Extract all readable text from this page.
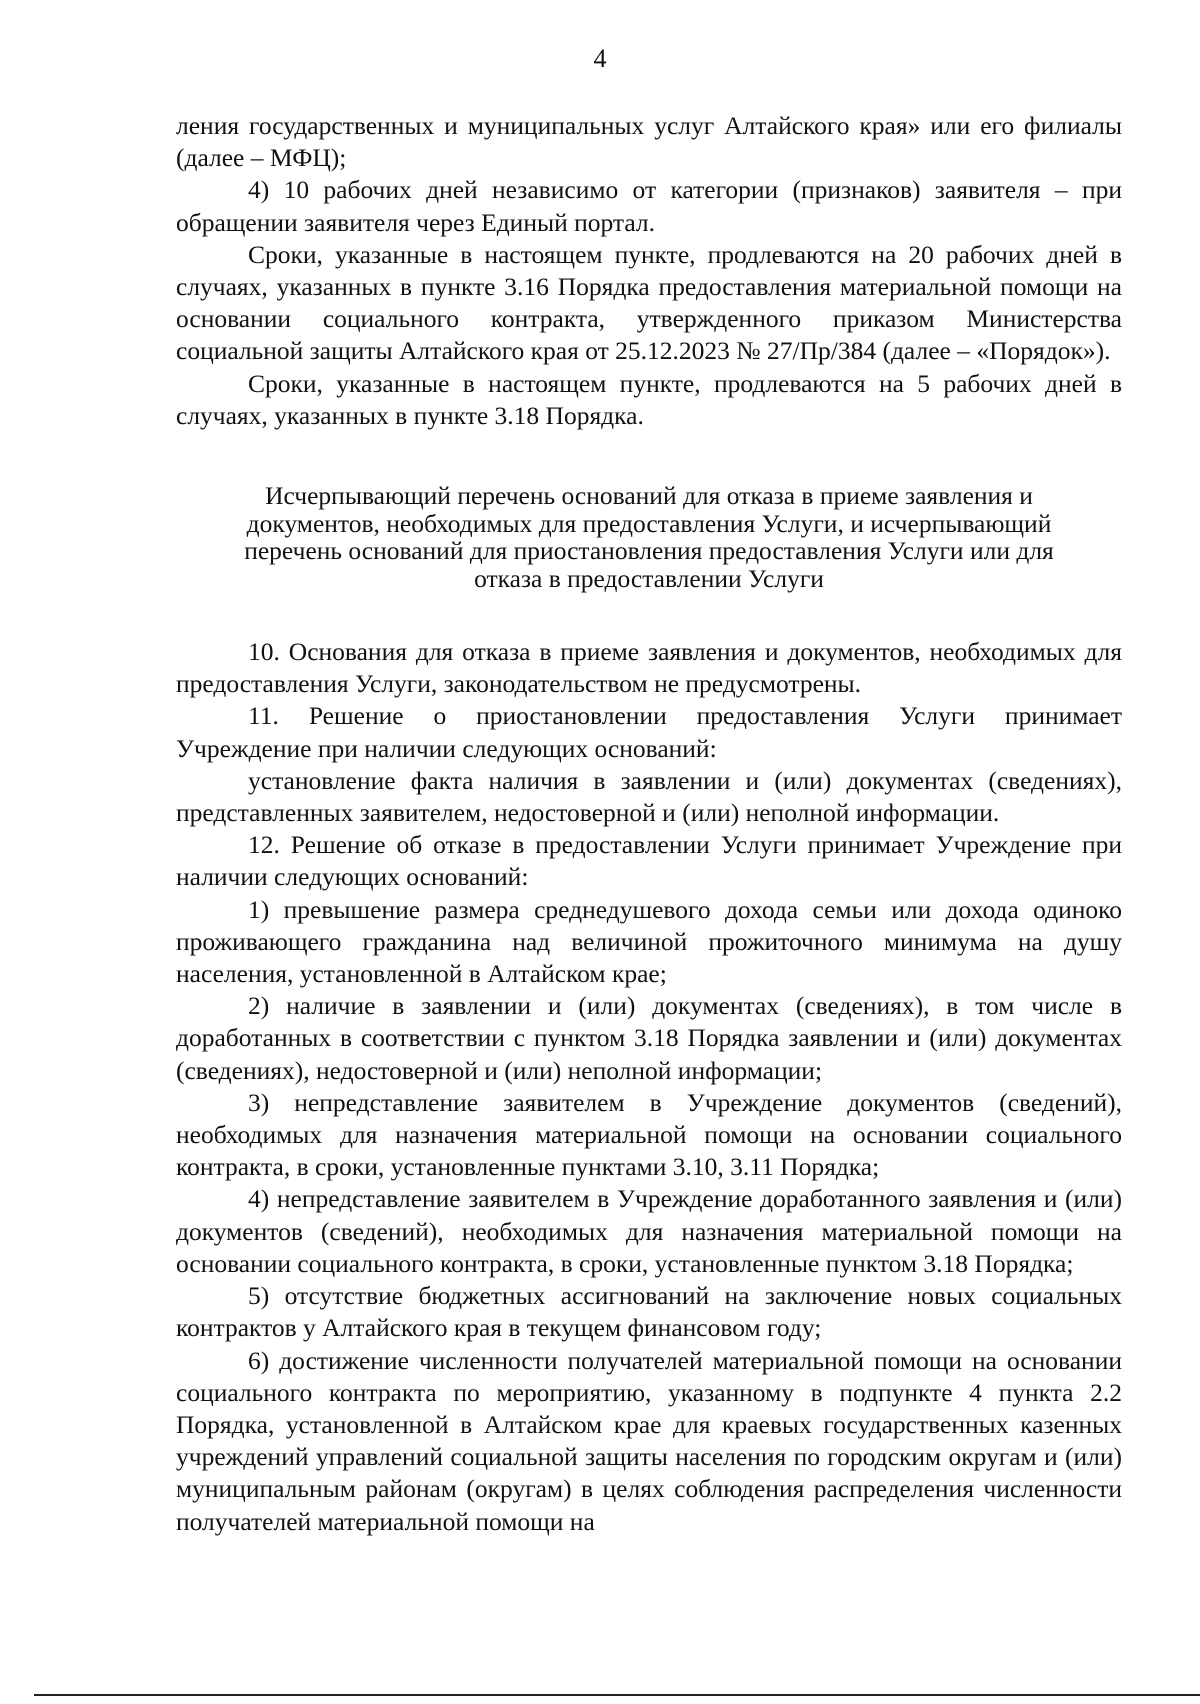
4

ления государственных и муниципальных услуг Алтайского края» или его филиалы (далее – МФЦ);

4) 10 рабочих дней независимо от категории (признаков) заявителя – при обращении заявителя через Единый портал.

Сроки, указанные в настоящем пункте, продлеваются на 20 рабочих дней в случаях, указанных в пункте 3.16 Порядка предоставления материальной помощи на основании социального контракта, утвержденного приказом Министерства социальной защиты Алтайского края от 25.12.2023 № 27/Пр/384 (далее – «Порядок»).

Сроки, указанные в настоящем пункте, продлеваются на 5 рабочих дней в случаях, указанных в пункте 3.18 Порядка.

Исчерпывающий перечень оснований для отказа в приеме заявления и документов, необходимых для предоставления Услуги, и исчерпывающий перечень оснований для приостановления предоставления Услуги или для отказа в предоставлении Услуги

10. Основания для отказа в приеме заявления и документов, необходимых для предоставления Услуги, законодательством не предусмотрены.

11. Решение о приостановлении предоставления Услуги принимает Учреждение при наличии следующих оснований:

установление факта наличия в заявлении и (или) документах (сведениях), представленных заявителем, недостоверной и (или) неполной информации.

12. Решение об отказе в предоставлении Услуги принимает Учреждение при наличии следующих оснований:

1) превышение размера среднедушевого дохода семьи или дохода одиноко проживающего гражданина над величиной прожиточного минимума на душу населения, установленной в Алтайском крае;

2) наличие в заявлении и (или) документах (сведениях), в том числе в доработанных в соответствии с пунктом 3.18 Порядка заявлении и (или) документах (сведениях), недостоверной и (или) неполной информации;

3) непредставление заявителем в Учреждение документов (сведений), необходимых для назначения материальной помощи на основании социального контракта, в сроки, установленные пунктами 3.10, 3.11 Порядка;

4) непредставление заявителем в Учреждение доработанного заявления и (или) документов (сведений), необходимых для назначения материальной помощи на основании социального контракта, в сроки, установленные пунктом 3.18 Порядка;

5) отсутствие бюджетных ассигнований на заключение новых социальных контрактов у Алтайского края в текущем финансовом году;

6) достижение численности получателей материальной помощи на основании социального контракта по мероприятию, указанному в подпункте 4 пункта 2.2 Порядка, установленной в Алтайском крае для краевых государственных казенных учреждений управлений социальной защиты населения по городским округам и (или) муниципальным районам (округам) в целях соблюдения распределения численности получателей материальной помощи на
